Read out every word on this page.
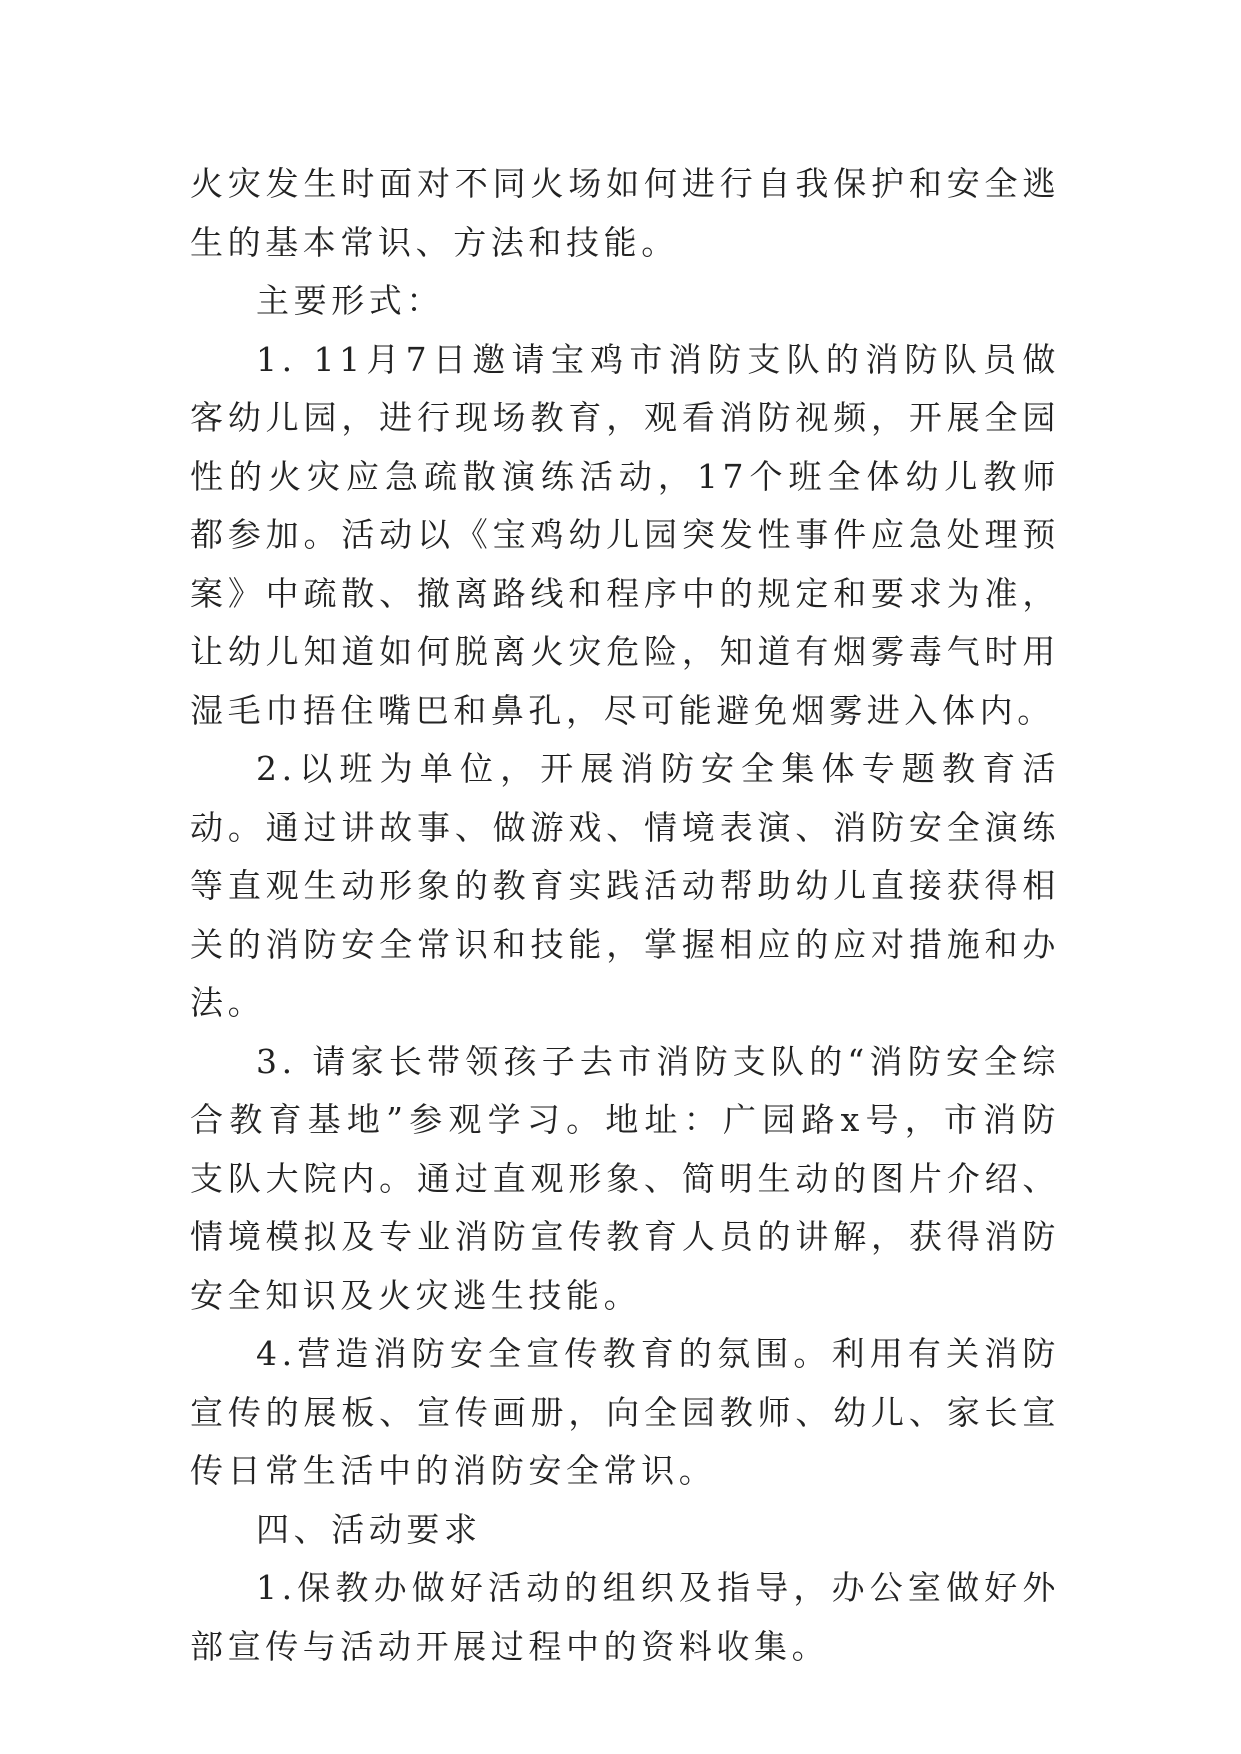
火灾发生时面对不同火场如何进行自我保护和安全逃生的基本常识、方法和技能。

主要形式：

1. 11月7日邀请宝鸡市消防支队的消防队员做客幼儿园，进行现场教育，观看消防视频，开展全园性的火灾应急疏散演练活动，17个班全体幼儿教师都参加。活动以《宝鸡幼儿园突发性事件应急处理预案》中疏散、撤离路线和程序中的规定和要求为准，让幼儿知道如何脱离火灾危险，知道有烟雾毒气时用湿毛巾捂住嘴巴和鼻孔，尽可能避免烟雾进入体内。

2.以班为单位，开展消防安全集体专题教育活动。通过讲故事、做游戏、情境表演、消防安全演练等直观生动形象的教育实践活动帮助幼儿直接获得相关的消防安全常识和技能，掌握相应的应对措施和办法。

3. 请家长带领孩子去市消防支队的“消防安全综合教育基地”参观学习。地址：广园路x号，市消防支队大院内。通过直观形象、简明生动的图片介绍、情境模拟及专业消防宣传教育人员的讲解，获得消防安全知识及火灾逃生技能。

4.营造消防安全宣传教育的氛围。利用有关消防宣传的展板、宣传画册，向全园教师、幼儿、家长宣传日常生活中的消防安全常识。

四、活动要求

1.保教办做好活动的组织及指导，办公室做好外部宣传与活动开展过程中的资料收集。
